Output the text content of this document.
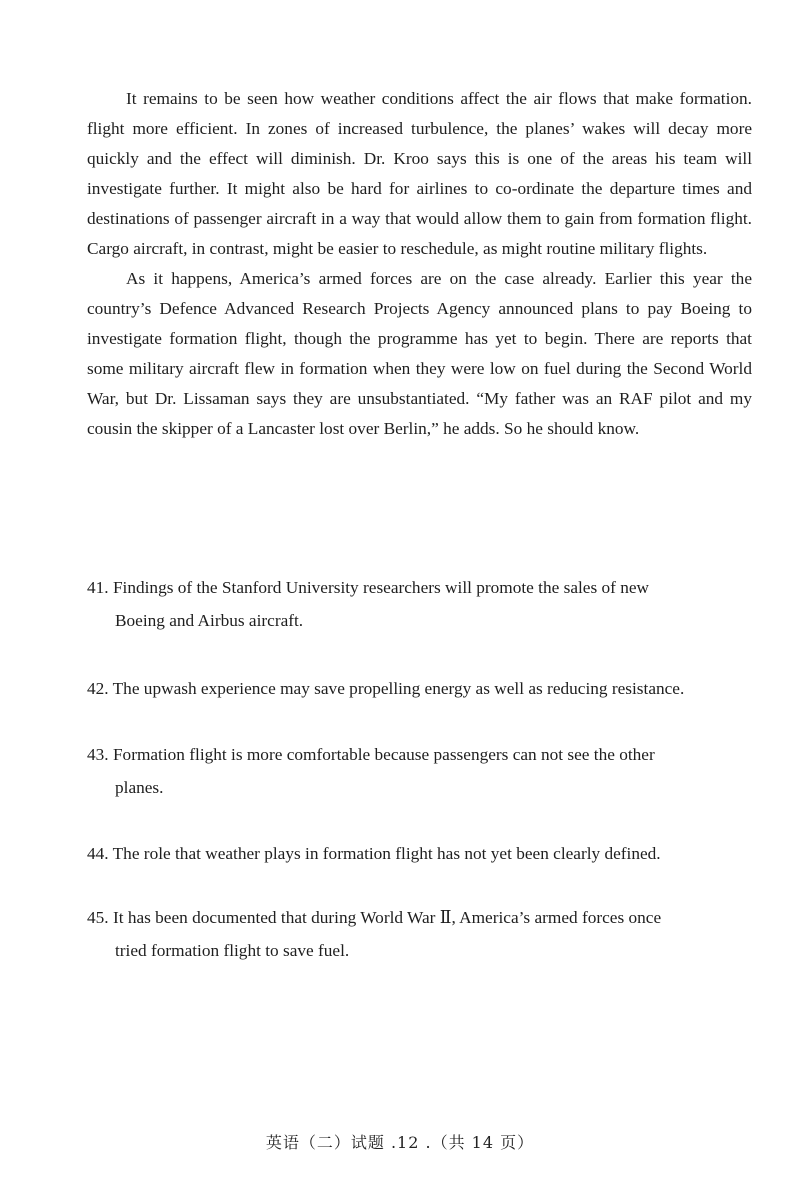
It remains to be seen how weather conditions affect the air flows that make formation. flight more efficient. In zones of increased turbulence, the planes’ wakes will decay more quickly and the effect will diminish. Dr. Kroo says this is one of the areas his team will investigate further. It might also be hard for airlines to co-ordinate the departure times and destinations of passenger aircraft in a way that would allow them to gain from formation flight. Cargo aircraft, in contrast, might be easier to reschedule, as might routine military flights.

As it happens, America’s armed forces are on the case already. Earlier this year the country’s Defence Advanced Research Projects Agency announced plans to pay Boeing to investigate formation flight, though the programme has yet to begin. There are reports that some military aircraft flew in formation when they were low on fuel during the Second World War, but Dr. Lissaman says they are unsubstantiated. “My father was an RAF pilot and my cousin the skipper of a Lancaster lost over Berlin,” he adds. So he should know.

41. Findings of the Stanford University researchers will promote the sales of new
Boeing and Airbus aircraft.
42. The upwash experience may save propelling energy as well as reducing resistance.
43. Formation flight is more comfortable because passengers can not see the other
planes.
44. The role that weather plays in formation flight has not yet been clearly defined.
45. It has been documented that during World War Ⅱ, America’s armed forces once
tried formation flight to save fuel.
英语（二）试题 .12 .（共 14 页）
